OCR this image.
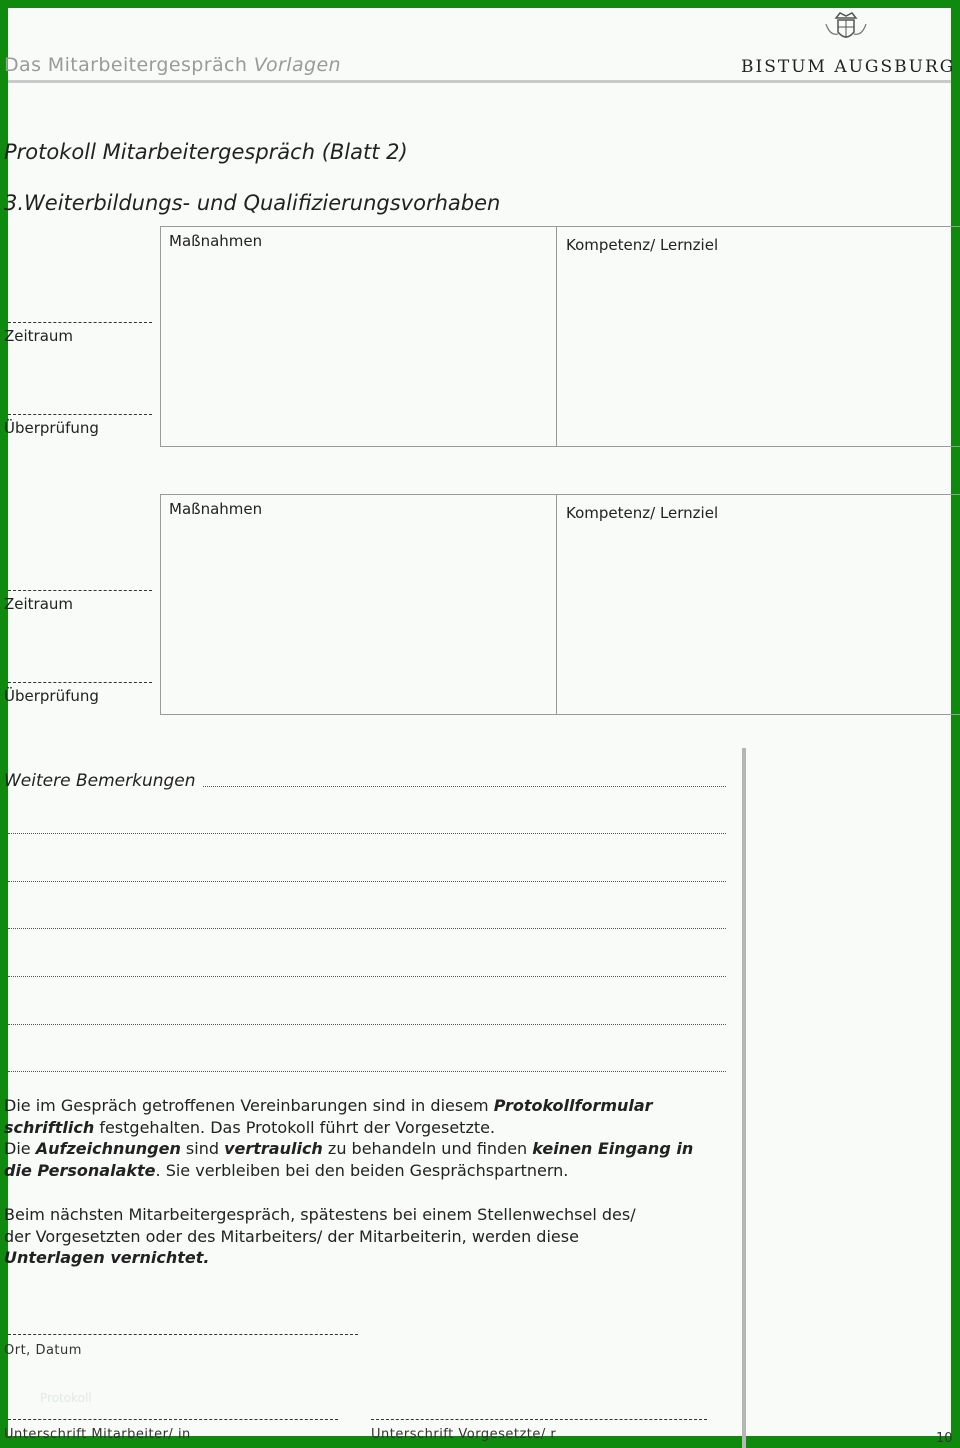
Das Mitarbeitergespräch Vorlagen	BISTUM AUGSBURG
Protokoll Mitarbeitergespräch (Blatt 2)
3.Weiterbildungs- und Qualifizierungsvorhaben
Zeitraum
Überprüfung
Maßnahmen	Kompetenz/ Lernziel
Zeitraum
Überprüfung
Maßnahmen	Kompetenz/ Lernziel
Weitere Bemerkungen
Die im Gespräch getroffenen Vereinbarungen sind in diesem Protokollformular schriftlich festgehalten. Das Protokoll führt der Vorgesetzte.
Die Aufzeichnungen sind vertraulich zu behandeln und finden keinen Eingang in die Personalakte. Sie verbleiben bei den beiden Gesprächspartnern.
Beim nächsten Mitarbeitergespräch, spätestens bei einem Stellenwechsel des/ der Vorgesetzten oder des Mitarbeiters/ der Mitarbeiterin, werden diese Unterlagen vernichtet.
Ort, Datum
Protokoll
Unterschrift Mitarbeiter/ in	Unterschrift Vorgesetzte/ r	10
